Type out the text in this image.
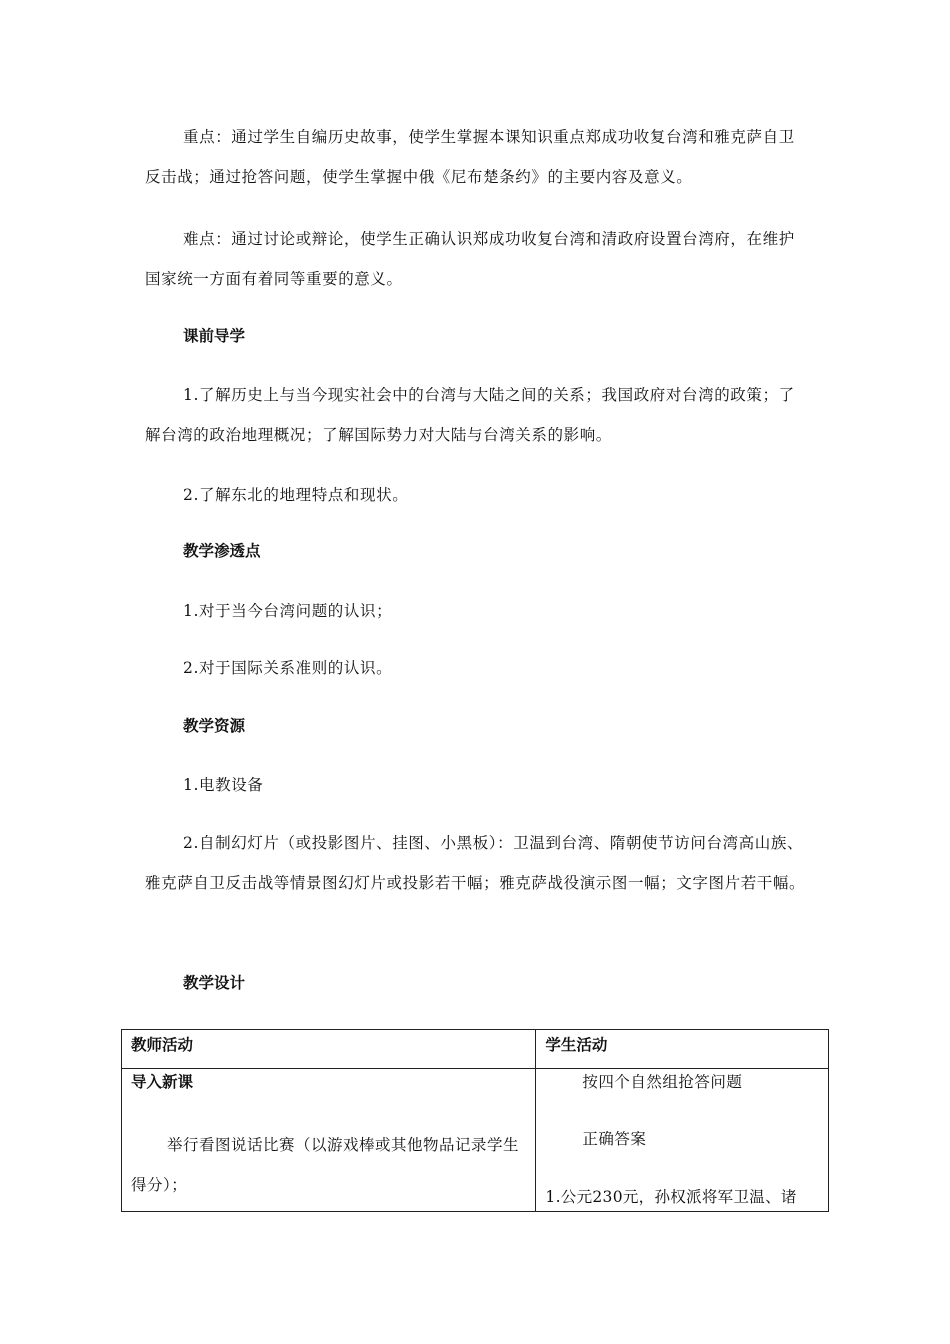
重点：通过学生自编历史故事，使学生掌握本课知识重点郑成功收复台湾和雅克萨自卫反击战；通过抢答问题，使学生掌握中俄《尼布楚条约》的主要内容及意义。

难点：通过讨论或辩论，使学生正确认识郑成功收复台湾和清政府设置台湾府，在维护国家统一方面有着同等重要的意义。

课前导学

1.了解历史上与当今现实社会中的台湾与大陆之间的关系；我国政府对台湾的政策；了解台湾的政治地理概况；了解国际势力对大陆与台湾关系的影响。

2.了解东北的地理特点和现状。

教学渗透点

1.对于当今台湾问题的认识；

2.对于国际关系准则的认识。

教学资源

1.电教设备

2.自制幻灯片（或投影图片、挂图、小黑板）：卫温到台湾、隋朝使节访问台湾高山族、雅克萨自卫反击战等情景图幻灯片或投影若干幅；雅克萨战役演示图一幅；文字图片若干幅。

教学设计
教师活动	学生活动

导入新课

举行看图说话比赛（以游戏棒或其他物品记录学生得分）；	按四个自然组抢答问题
正确答案
1.公元230元，孙权派将军卫温、诸
